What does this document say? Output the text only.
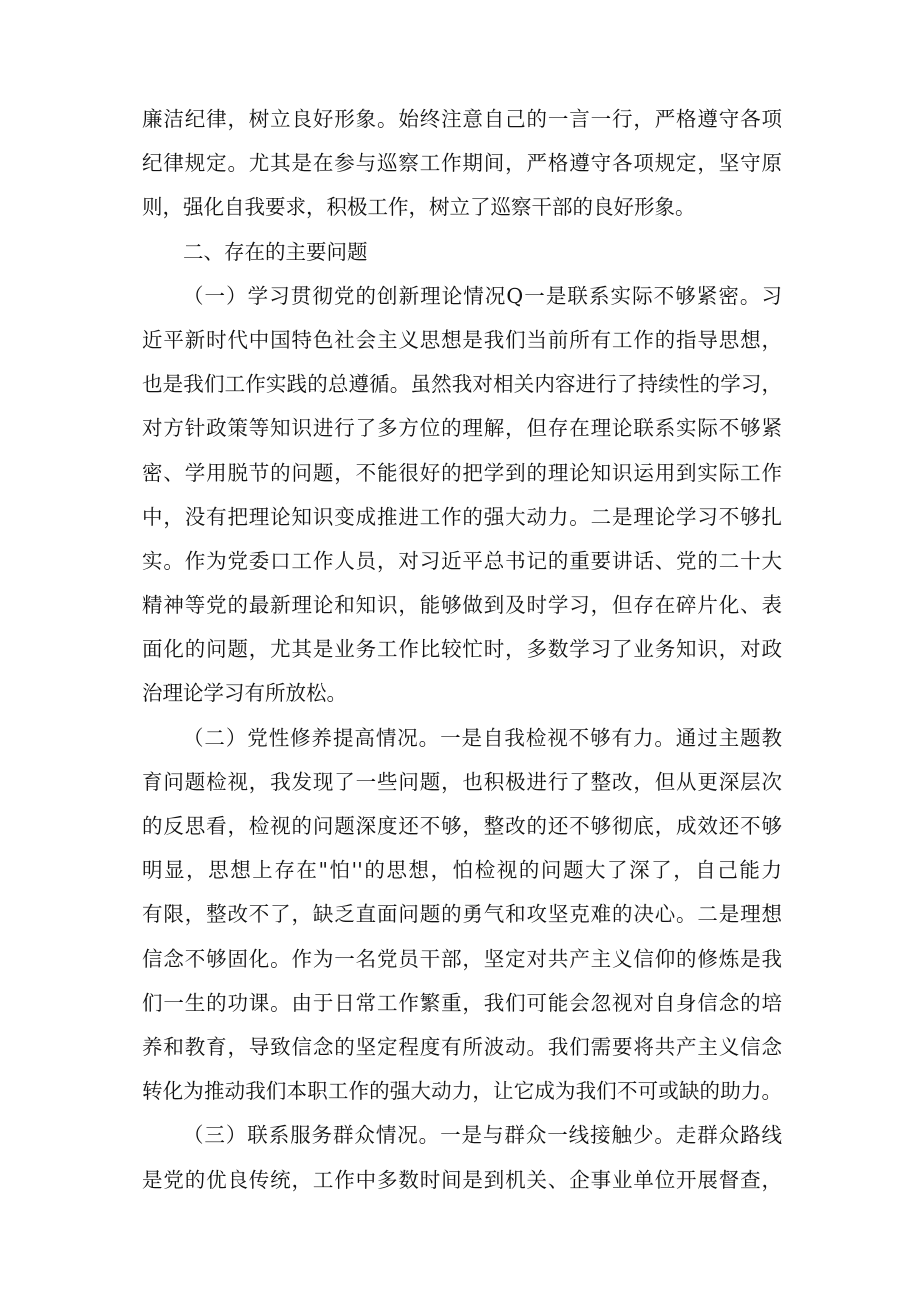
廉洁纪律，树立良好形象。始终注意自己的一言一行，严格遵守各项
纪律规定。尤其是在参与巡察工作期间，严格遵守各项规定，坚守原
则，强化自我要求，积极工作，树立了巡察干部的良好形象。
二、存在的主要问题
（一）学习贯彻党的创新理论情况Q一是联系实际不够紧密。习
近平新时代中国特色社会主义思想是我们当前所有工作的指导思想，
也是我们工作实践的总遵循。虽然我对相关内容进行了持续性的学习，
对方针政策等知识进行了多方位的理解，但存在理论联系实际不够紧
密、学用脱节的问题，不能很好的把学到的理论知识运用到实际工作
中，没有把理论知识变成推进工作的强大动力。二是理论学习不够扎
实。作为党委口工作人员，对习近平总书记的重要讲话、党的二十大
精神等党的最新理论和知识，能够做到及时学习，但存在碎片化、表
面化的问题，尤其是业务工作比较忙时，多数学习了业务知识，对政
治理论学习有所放松。
（二）党性修养提高情况。一是自我检视不够有力。通过主题教
育问题检视，我发现了一些问题，也积极进行了整改，但从更深层次
的反思看，检视的问题深度还不够，整改的还不够彻底，成效还不够
明显，思想上存在"怕''的思想，怕检视的问题大了深了，自己能力
有限，整改不了，缺乏直面问题的勇气和攻坚克难的决心。二是理想
信念不够固化。作为一名党员干部，坚定对共产主义信仰的修炼是我
们一生的功课。由于日常工作繁重，我们可能会忽视对自身信念的培
养和教育，导致信念的坚定程度有所波动。我们需要将共产主义信念
转化为推动我们本职工作的强大动力，让它成为我们不可或缺的助力。
（三）联系服务群众情况。一是与群众一线接触少。走群众路线
是党的优良传统，工作中多数时间是到机关、企事业单位开展督查，
